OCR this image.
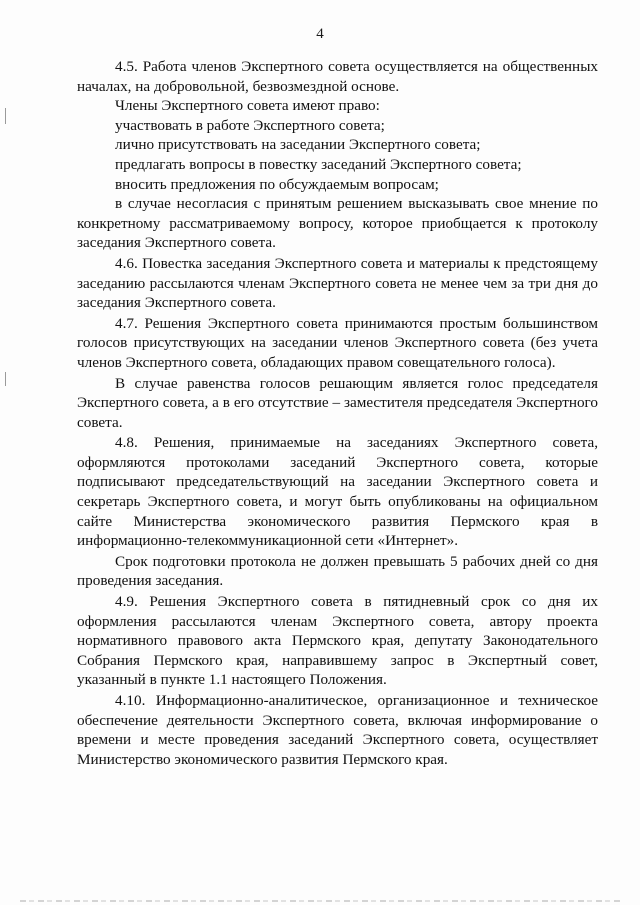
4

4.5. Работа членов Экспертного совета осуществляется на общественных началах, на добровольной, безвозмездной основе.

Члены Экспертного совета имеют право:

участвовать в работе Экспертного совета;

лично присутствовать на заседании Экспертного совета;

предлагать вопросы в повестку заседаний Экспертного совета;

вносить предложения по обсуждаемым вопросам;

в случае несогласия с принятым решением высказывать свое мнение по конкретному рассматриваемому вопросу, которое приобщается к протоколу заседания Экспертного совета.

4.6. Повестка заседания Экспертного совета и материалы к предстоящему заседанию рассылаются членам Экспертного совета не менее чем за три дня до заседания Экспертного совета.

4.7. Решения Экспертного совета принимаются простым большинством голосов присутствующих на заседании членов Экспертного совета (без учета членов Экспертного совета, обладающих правом совещательного голоса).

В случае равенства голосов решающим является голос председателя Экспертного совета, а в его отсутствие – заместителя председателя Экспертного совета.

4.8. Решения, принимаемые на заседаниях Экспертного совета, оформляются протоколами заседаний Экспертного совета, которые подписывают председательствующий на заседании Экспертного совета и секретарь Экспертного совета, и могут быть опубликованы на официальном сайте Министерства экономического развития Пермского края в информационно-телекоммуникационной сети «Интернет».

Срок подготовки протокола не должен превышать 5 рабочих дней со дня проведения заседания.

4.9. Решения Экспертного совета в пятидневный срок со дня их оформления рассылаются членам Экспертного совета, автору проекта нормативного правового акта Пермского края, депутату Законодательного Собрания Пермского края, направившему запрос в Экспертный совет, указанный в пункте 1.1 настоящего Положения.

4.10. Информационно-аналитическое, организационное и техническое обеспечение деятельности Экспертного совета, включая информирование о времени и месте проведения заседаний Экспертного совета, осуществляет Министерство экономического развития Пермского края.
